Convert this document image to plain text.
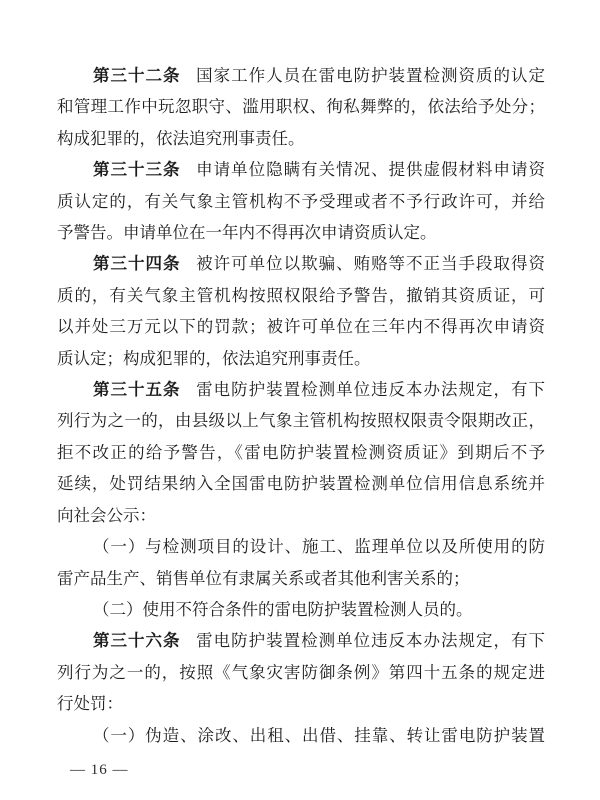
第三十二条 国家工作人员在雷电防护装置检测资质的认定
和管理工作中玩忽职守、滥用职权、徇私舞弊的，依法给予处分；
构成犯罪的，依法追究刑事责任。
第三十三条 申请单位隐瞒有关情况、提供虚假材料申请资
质认定的，有关气象主管机构不予受理或者不予行政许可，并给
予警告。申请单位在一年内不得再次申请资质认定。
第三十四条 被许可单位以欺骗、贿赂等不正当手段取得资
质的，有关气象主管机构按照权限给予警告，撤销其资质证，可
以并处三万元以下的罚款；被许可单位在三年内不得再次申请资
质认定；构成犯罪的，依法追究刑事责任。
第三十五条 雷电防护装置检测单位违反本办法规定，有下
列行为之一的，由县级以上气象主管机构按照权限责令限期改正，
拒不改正的给予警告，《雷电防护装置检测资质证》到期后不予
延续，处罚结果纳入全国雷电防护装置检测单位信用信息系统并
向社会公示：
（一）与检测项目的设计、施工、监理单位以及所使用的防
雷产品生产、销售单位有隶属关系或者其他利害关系的；
（二）使用不符合条件的雷电防护装置检测人员的。
第三十六条 雷电防护装置检测单位违反本办法规定，有下
列行为之一的，按照《气象灾害防御条例》第四十五条的规定进
行处罚：
（一）伪造、涂改、出租、出借、挂靠、转让雷电防护装置
— 16 —
